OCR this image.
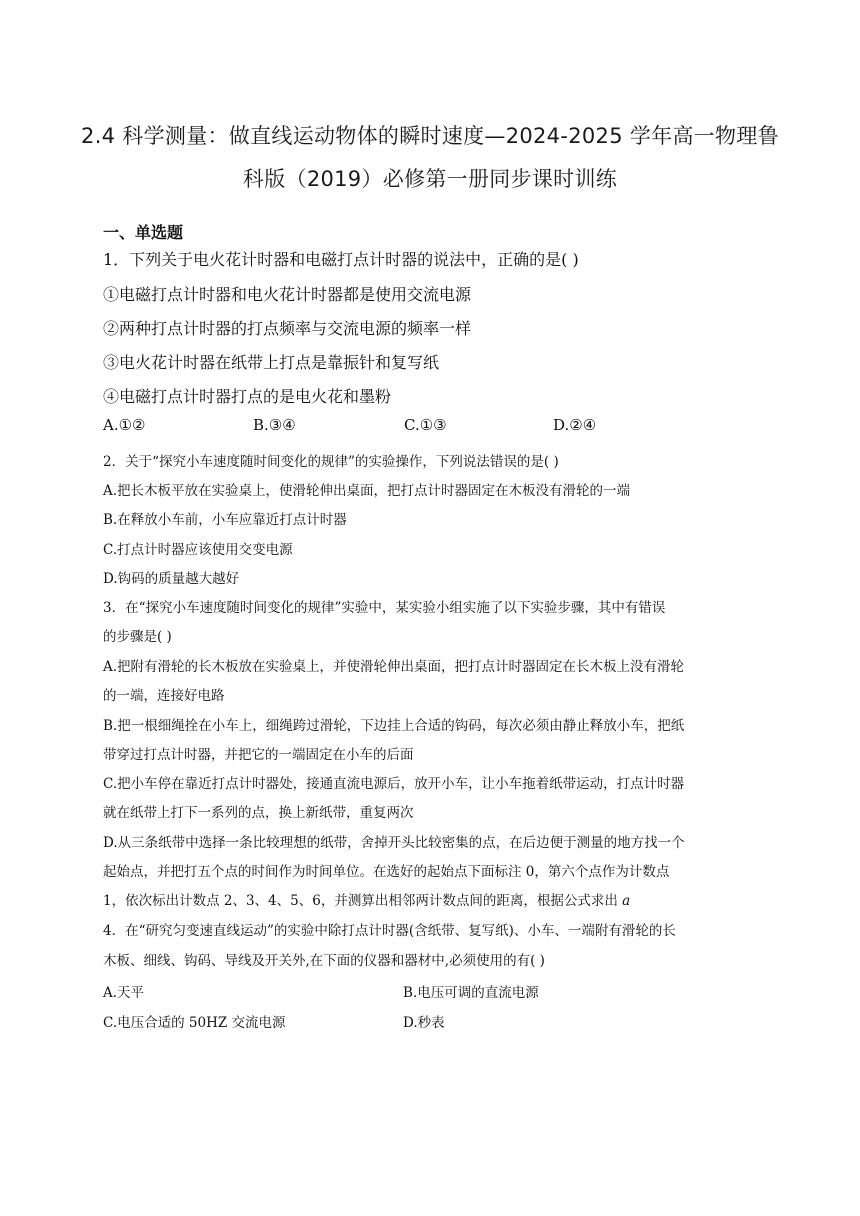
2.4 科学测量：做直线运动物体的瞬时速度—2024-2025 学年高一物理鲁
科版（2019）必修第一册同步课时训练
一、单选题
1．下列关于电火花计时器和电磁打点计时器的说法中，正确的是( )
①电磁打点计时器和电火花计时器都是使用交流电源
②两种打点计时器的打点频率与交流电源的频率一样
③电火花计时器在纸带上打点是靠振针和复写纸
④电磁打点计时器打点的是电火花和墨粉
A.①②	B.③④	C.①③	D.②④
2．关于“探究小车速度随时间变化的规律”的实验操作，下列说法错误的是( )
A.把长木板平放在实验桌上，使滑轮伸出桌面，把打点计时器固定在木板没有滑轮的一端
B.在释放小车前，小车应靠近打点计时器
C.打点计时器应该使用交变电源
D.钩码的质量越大越好
3．在“探究小车速度随时间变化的规律”实验中，某实验小组实施了以下实验步骤，其中有错误
的步骤是( )
A.把附有滑轮的长木板放在实验桌上，并使滑轮伸出桌面，把打点计时器固定在长木板上没有滑轮
的一端，连接好电路
B.把一根细绳拴在小车上，细绳跨过滑轮，下边挂上合适的钩码，每次必须由静止释放小车，把纸
带穿过打点计时器，并把它的一端固定在小车的后面
C.把小车停在靠近打点计时器处，接通直流电源后，放开小车，让小车拖着纸带运动，打点计时器
就在纸带上打下一系列的点，换上新纸带，重复两次
D.从三条纸带中选择一条比较理想的纸带，舍掉开头比较密集的点，在后边便于测量的地方找一个
起始点，并把打五个点的时间作为时间单位。在选好的起始点下面标注 0，第六个点作为计数点
1，依次标出计数点 2、3、4、5、6，并测算出相邻两计数点间的距离，根据公式求出 a
4．在“研究匀变速直线运动”的实验中除打点计时器(含纸带、复写纸)、小车、一端附有滑轮的长
木板、细线、钩码、导线及开关外,在下面的仪器和器材中,必须使用的有( )
A.天平	B.电压可调的直流电源
C.电压合适的 50HZ 交流电源	D.秒表
